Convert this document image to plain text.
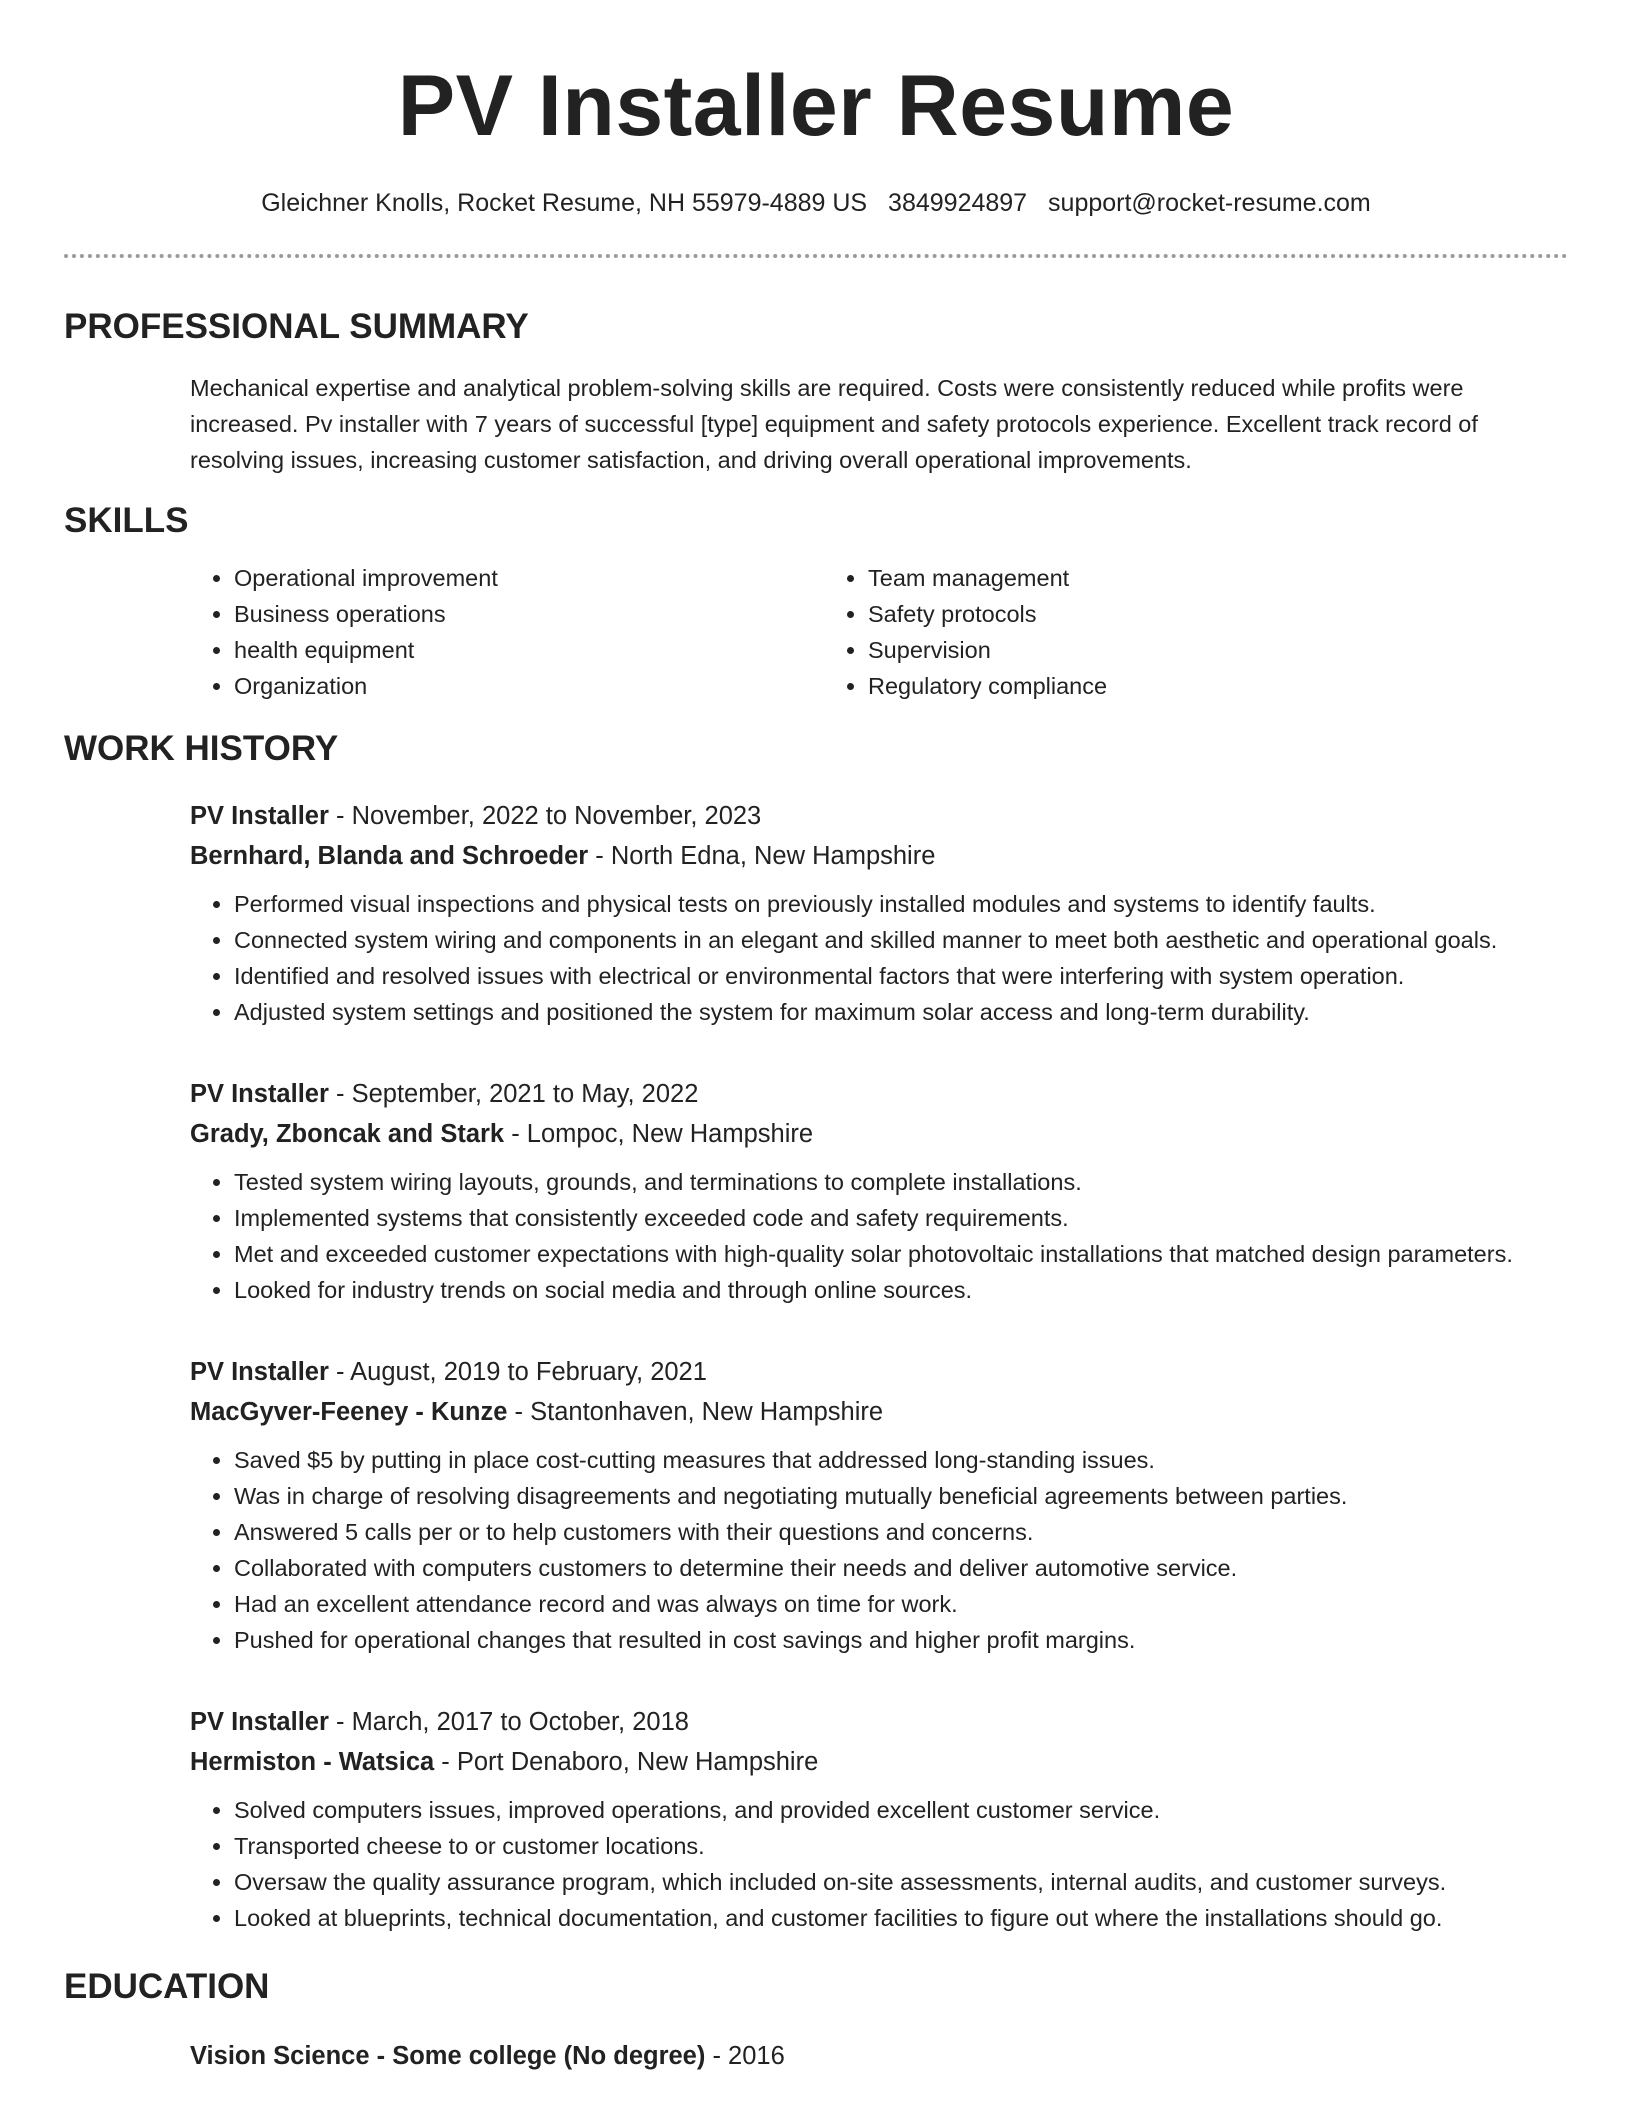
PV Installer Resume
Gleichner Knolls, Rocket Resume, NH 55979-4889 US 3849924897 support@rocket-resume.com
PROFESSIONAL SUMMARY
Mechanical expertise and analytical problem-solving skills are required. Costs were consistently reduced while profits were increased. Pv installer with 7 years of successful [type] equipment and safety protocols experience. Excellent track record of resolving issues, increasing customer satisfaction, and driving overall operational improvements.
SKILLS
• Operational improvement
• Business operations
• health equipment
• Organization
• Team management
• Safety protocols
• Supervision
• Regulatory compliance
WORK HISTORY
PV Installer - November, 2022 to November, 2023
Bernhard, Blanda and Schroeder - North Edna, New Hampshire
• Performed visual inspections and physical tests on previously installed modules and systems to identify faults.
• Connected system wiring and components in an elegant and skilled manner to meet both aesthetic and operational goals.
• Identified and resolved issues with electrical or environmental factors that were interfering with system operation.
• Adjusted system settings and positioned the system for maximum solar access and long-term durability.
PV Installer - September, 2021 to May, 2022
Grady, Zboncak and Stark - Lompoc, New Hampshire
• Tested system wiring layouts, grounds, and terminations to complete installations.
• Implemented systems that consistently exceeded code and safety requirements.
• Met and exceeded customer expectations with high-quality solar photovoltaic installations that matched design parameters.
• Looked for industry trends on social media and through online sources.
PV Installer - August, 2019 to February, 2021
MacGyver-Feeney - Kunze - Stantonhaven, New Hampshire
• Saved $5 by putting in place cost-cutting measures that addressed long-standing issues.
• Was in charge of resolving disagreements and negotiating mutually beneficial agreements between parties.
• Answered 5 calls per or to help customers with their questions and concerns.
• Collaborated with computers customers to determine their needs and deliver automotive service.
• Had an excellent attendance record and was always on time for work.
• Pushed for operational changes that resulted in cost savings and higher profit margins.
PV Installer - March, 2017 to October, 2018
Hermiston - Watsica - Port Denaboro, New Hampshire
• Solved computers issues, improved operations, and provided excellent customer service.
• Transported cheese to or customer locations.
• Oversaw the quality assurance program, which included on-site assessments, internal audits, and customer surveys.
• Looked at blueprints, technical documentation, and customer facilities to figure out where the installations should go.
EDUCATION
Vision Science - Some college (No degree) - 2016
